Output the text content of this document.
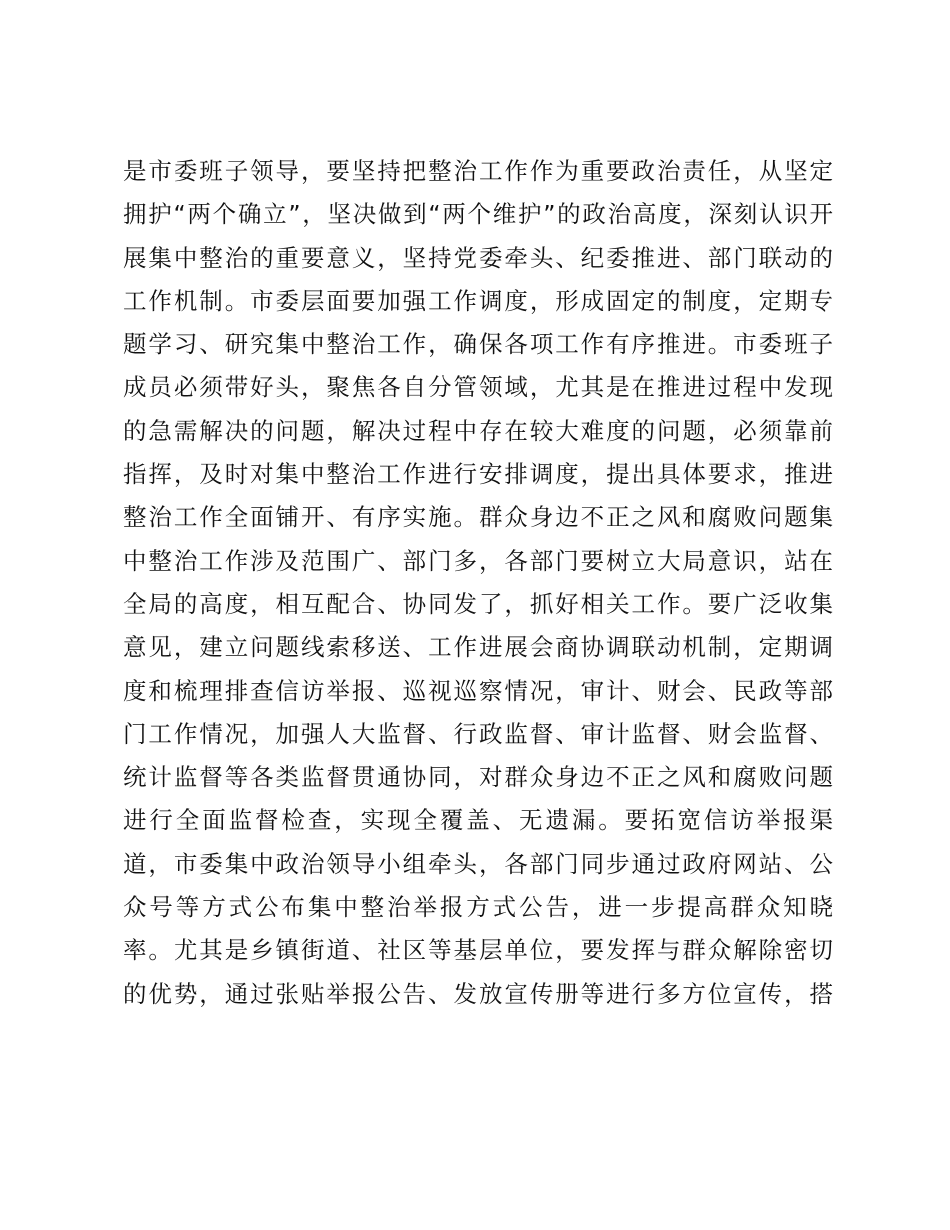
是市委班子领导，要坚持把整治工作作为重要政治责任，从坚定
拥护“两个确立”，坚决做到“两个维护”的政治高度，深刻认识开
展集中整治的重要意义，坚持党委牵头、纪委推进、部门联动的
工作机制。市委层面要加强工作调度，形成固定的制度，定期专
题学习、研究集中整治工作，确保各项工作有序推进。市委班子
成员必须带好头，聚焦各自分管领域，尤其是在推进过程中发现
的急需解决的问题，解决过程中存在较大难度的问题，必须靠前
指挥，及时对集中整治工作进行安排调度，提出具体要求，推进
整治工作全面铺开、有序实施。群众身边不正之风和腐败问题集
中整治工作涉及范围广、部门多，各部门要树立大局意识，站在
全局的高度，相互配合、协同发了，抓好相关工作。要广泛收集
意见，建立问题线索移送、工作进展会商协调联动机制，定期调
度和梳理排查信访举报、巡视巡察情况，审计、财会、民政等部
门工作情况，加强人大监督、行政监督、审计监督、财会监督、
统计监督等各类监督贯通协同，对群众身边不正之风和腐败问题
进行全面监督检查，实现全覆盖、无遗漏。要拓宽信访举报渠
道，市委集中政治领导小组牵头，各部门同步通过政府网站、公
众号等方式公布集中整治举报方式公告，进一步提高群众知晓
率。尤其是乡镇街道、社区等基层单位，要发挥与群众解除密切
的优势，通过张贴举报公告、发放宣传册等进行多方位宣传，搭
